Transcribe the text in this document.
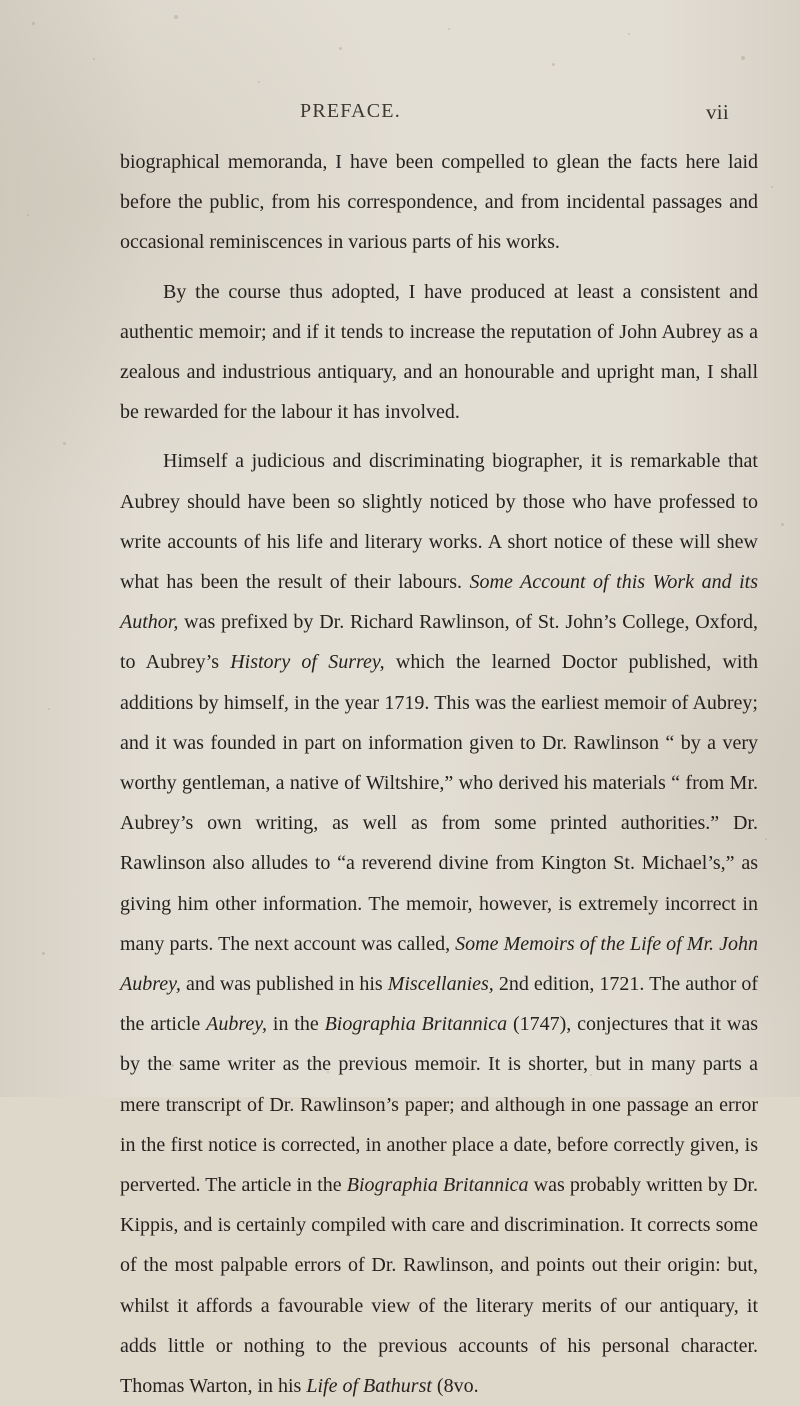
PREFACE.	vii

biographical memoranda, I have been compelled to glean the facts here laid before the public, from his correspondence, and from incidental passages and occasional reminiscences in various parts of his works.

By the course thus adopted, I have produced at least a consistent and authentic memoir; and if it tends to increase the reputation of John Aubrey as a zealous and industrious antiquary, and an honourable and upright man, I shall be rewarded for the labour it has involved.

Himself a judicious and discriminating biographer, it is remarkable that Aubrey should have been so slightly noticed by those who have professed to write accounts of his life and literary works. A short notice of these will shew what has been the result of their labours. Some Account of this Work and its Author, was prefixed by Dr. Richard Rawlinson, of St. John’s College, Oxford, to Aubrey’s History of Surrey, which the learned Doctor published, with additions by himself, in the year 1719. This was the earliest memoir of Aubrey; and it was founded in part on information given to Dr. Rawlinson “ by a very worthy gentleman, a native of Wiltshire,” who derived his materials “ from Mr. Aubrey’s own writing, as well as from some printed authorities.” Dr. Rawlinson also alludes to “a reverend divine from Kington St. Michael’s,” as giving him other information. The memoir, however, is extremely incorrect in many parts. The next account was called, Some Memoirs of the Life of Mr. John Aubrey, and was published in his Miscellanies, 2nd edition, 1721. The author of the article Aubrey, in the Biographia Britannica (1747), conjectures that it was by the same writer as the previous memoir. It is shorter, but in many parts a mere transcript of Dr. Rawlinson’s paper; and although in one passage an error in the first notice is corrected, in another place a date, before correctly given, is perverted. The article in the Biographia Britannica was probably written by Dr. Kippis, and is certainly compiled with care and discrimination. It corrects some of the most palpable errors of Dr. Rawlinson, and points out their origin: but, whilst it affords a favourable view of the literary merits of our antiquary, it adds little or nothing to the previous accounts of his personal character. Thomas Warton, in his Life of Bathurst (8vo.
